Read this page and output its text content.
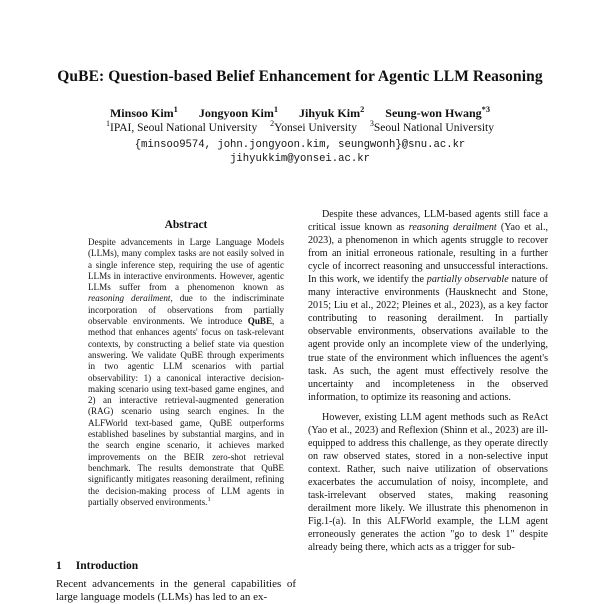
QuBE: Question-based Belief Enhancement for Agentic LLM Reasoning
Minsoo Kim$^1$ Jongyoon Kim$^1$ Jihyuk Kim$^2$ Seung-won Hwang$^{*3}$
$^1$IPAI, Seoul National University $^2$Yonsei University $^3$Seoul National University
{minsoo9574, john.jongyoon.kim, seungwonh}@snu.ac.kr
jihyukkim@yonsei.ac.kr
Abstract
Despite advancements in Large Language Models (LLMs), many complex tasks are not easily solved in a single inference step, requiring the use of agentic LLMs in interactive environments. However, agentic LLMs suffer from a phenomenon known as reasoning derailment, due to the indiscriminate incorporation of observations from partially observable environments. We introduce QuBE, a method that enhances agents' focus on task-relevant contexts, by constructing a belief state via question answering. We validate QuBE through experiments in two agentic LLM scenarios with partial observability: 1) a canonical interactive decision-making scenario using text-based game engines, and 2) an interactive retrieval-augmented generation (RAG) scenario using search engines. In the ALFWorld text-based game, QuBE outperforms established baselines by substantial margins, and in the search engine scenario, it achieves marked improvements on the BEIR zero-shot retrieval benchmark. The results demonstrate that QuBE significantly mitigates reasoning derailment, refining the decision-making process of LLM agents in partially observed environments.$^1$
1 Introduction
Recent advancements in the general capabilities of large language models (LLMs) has led to an ex-

Despite these advances, LLM-based agents still face a critical issue known as reasoning derailment (Yao et al., 2023), a phenomenon in which agents struggle to recover from an initial erroneous rationale, resulting in a further cycle of incorrect reasoning and unsuccessful interactions. In this work, we identify the partially observable nature of many interactive environments (Hausknecht and Stone, 2015; Liu et al., 2022; Pleines et al., 2023), as a key factor contributing to reasoning derailment. In partially observable environments, observations available to the agent provide only an incomplete view of the underlying, true state of the environment which influences the agent's task. As such, the agent must effectively resolve the uncertainty and incompleteness in the observed information, to optimize its reasoning and actions.

However, existing LLM agent methods such as ReAct (Yao et al., 2023) and Reflexion (Shinn et al., 2023) are ill-equipped to address this challenge, as they operate directly on raw observed states, stored in a non-selective input context. Rather, such naive utilization of observations exacerbates the accumulation of noisy, incomplete, and task-irrelevant observed states, making reasoning derailment more likely. We illustrate this phenomenon in Fig.1-(a). In this ALFWorld example, the LLM agent erroneously generates the action "go to desk 1" despite already being there, which acts as a trigger for sub-
